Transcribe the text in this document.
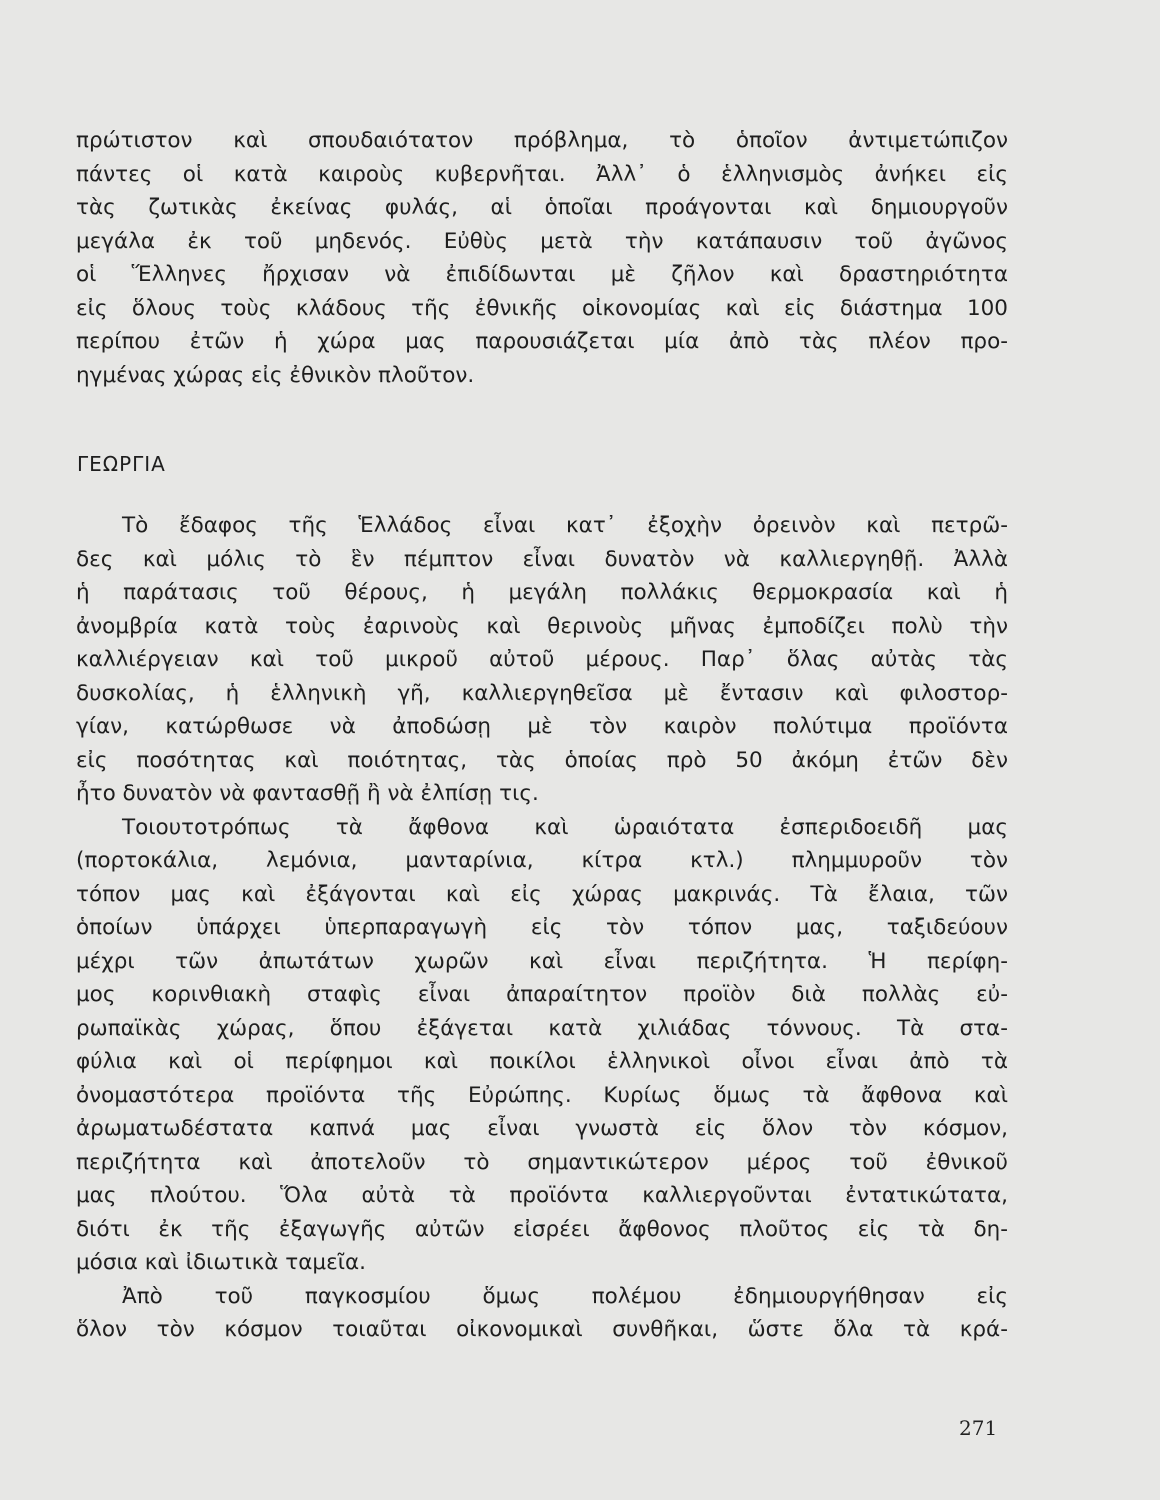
πρώτιστον καὶ σπουδαιότατον πρόβλημα, τὸ ὁποῖον ἀντιμετώπιζον
πάντες οἱ κατὰ καιροὺς κυβερνῆται. Ἀλλ᾽ ὁ ἑλληνισμὸς ἀνήκει εἰς
τὰς ζωτικὰς ἐκείνας φυλάς, αἱ ὁποῖαι προάγονται καὶ δημιουργοῦν
μεγάλα ἐκ τοῦ μηδενός. Εὐθὺς μετὰ τὴν κατάπαυσιν τοῦ ἀγῶνος
οἱ Ἕλληνες ἤρχισαν νὰ ἐπιδίδωνται μὲ ζῆλον καὶ δραστηριότητα
εἰς ὅλους τοὺς κλάδους τῆς ἐθνικῆς οἰκονομίας καὶ εἰς διάστημα 100
περίπου ἐτῶν ἡ χώρα μας παρουσιάζεται μία ἀπὸ τὰς πλέον προ-
ηγμένας χώρας εἰς ἐθνικὸν πλοῦτον.
ΓΕΩΡΓΙΑ
Τὸ ἔδαφος τῆς Ἑλλάδος εἶναι κατ᾽ ἐξοχὴν ὀρεινὸν καὶ πετρῶ-
δες καὶ μόλις τὸ ἓν πέμπτον εἶναι δυνατὸν νὰ καλλιεργηθῇ. Ἀλλὰ
ἡ παράτασις τοῦ θέρους, ἡ μεγάλη πολλάκις θερμοκρασία καὶ ἡ
ἀνομβρία κατὰ τοὺς ἐαρινοὺς καὶ θερινοὺς μῆνας ἐμποδίζει πολὺ τὴν
καλλιέργειαν καὶ τοῦ μικροῦ αὐτοῦ μέρους. Παρ᾽ ὅλας αὐτὰς τὰς
δυσκολίας, ἡ ἑλληνικὴ γῆ, καλλιεργηθεῖσα μὲ ἔντασιν καὶ φιλοστορ-
γίαν, κατώρθωσε νὰ ἀποδώσῃ μὲ τὸν καιρὸν πολύτιμα προϊόντα
εἰς ποσότητας καὶ ποιότητας, τὰς ὁποίας πρὸ 50 ἀκόμη ἐτῶν δὲν
ἦτο δυνατὸν νὰ φαντασθῇ ἢ νὰ ἐλπίσῃ τις.
Τοιουτοτρόπως τὰ ἄφθονα καὶ ὡραιότατα ἐσπεριδοειδῆ μας
(πορτοκάλια, λεμόνια, μανταρίνια, κίτρα κτλ.) πλημμυροῦν τὸν
τόπον μας καὶ ἐξάγονται καὶ εἰς χώρας μακρινάς. Τὰ ἔλαια, τῶν
ὁποίων ὑπάρχει ὑπερπαραγωγὴ εἰς τὸν τόπον μας, ταξιδεύουν
μέχρι τῶν ἀπωτάτων χωρῶν καὶ εἶναι περιζήτητα. Ἡ περίφη-
μος κορινθιακὴ σταφὶς εἶναι ἀπαραίτητον προϊὸν διὰ πολλὰς εὐ-
ρωπαϊκὰς χώρας, ὅπου ἐξάγεται κατὰ χιλιάδας τόννους. Τὰ στα-
φύλια καὶ οἱ περίφημοι καὶ ποικίλοι ἑλληνικοὶ οἶνοι εἶναι ἀπὸ τὰ
ὀνομαστότερα προϊόντα τῆς Εὐρώπης. Κυρίως ὅμως τὰ ἄφθονα καὶ
ἀρωματωδέστατα καπνά μας εἶναι γνωστὰ εἰς ὅλον τὸν κόσμον,
περιζήτητα καὶ ἀποτελοῦν τὸ σημαντικώτερον μέρος τοῦ ἐθνικοῦ
μας πλούτου. Ὅλα αὐτὰ τὰ προϊόντα καλλιεργοῦνται ἐντατικώτατα,
διότι ἐκ τῆς ἐξαγωγῆς αὐτῶν εἰσρέει ἄφθονος πλοῦτος εἰς τὰ δη-
μόσια καὶ ἰδιωτικὰ ταμεῖα.
Ἀπὸ τοῦ παγκοσμίου ὅμως πολέμου ἐδημιουργήθησαν εἰς
ὅλον τὸν κόσμον τοιαῦται οἰκονομικαὶ συνθῆκαι, ὥστε ὅλα τὰ κρά-
271
